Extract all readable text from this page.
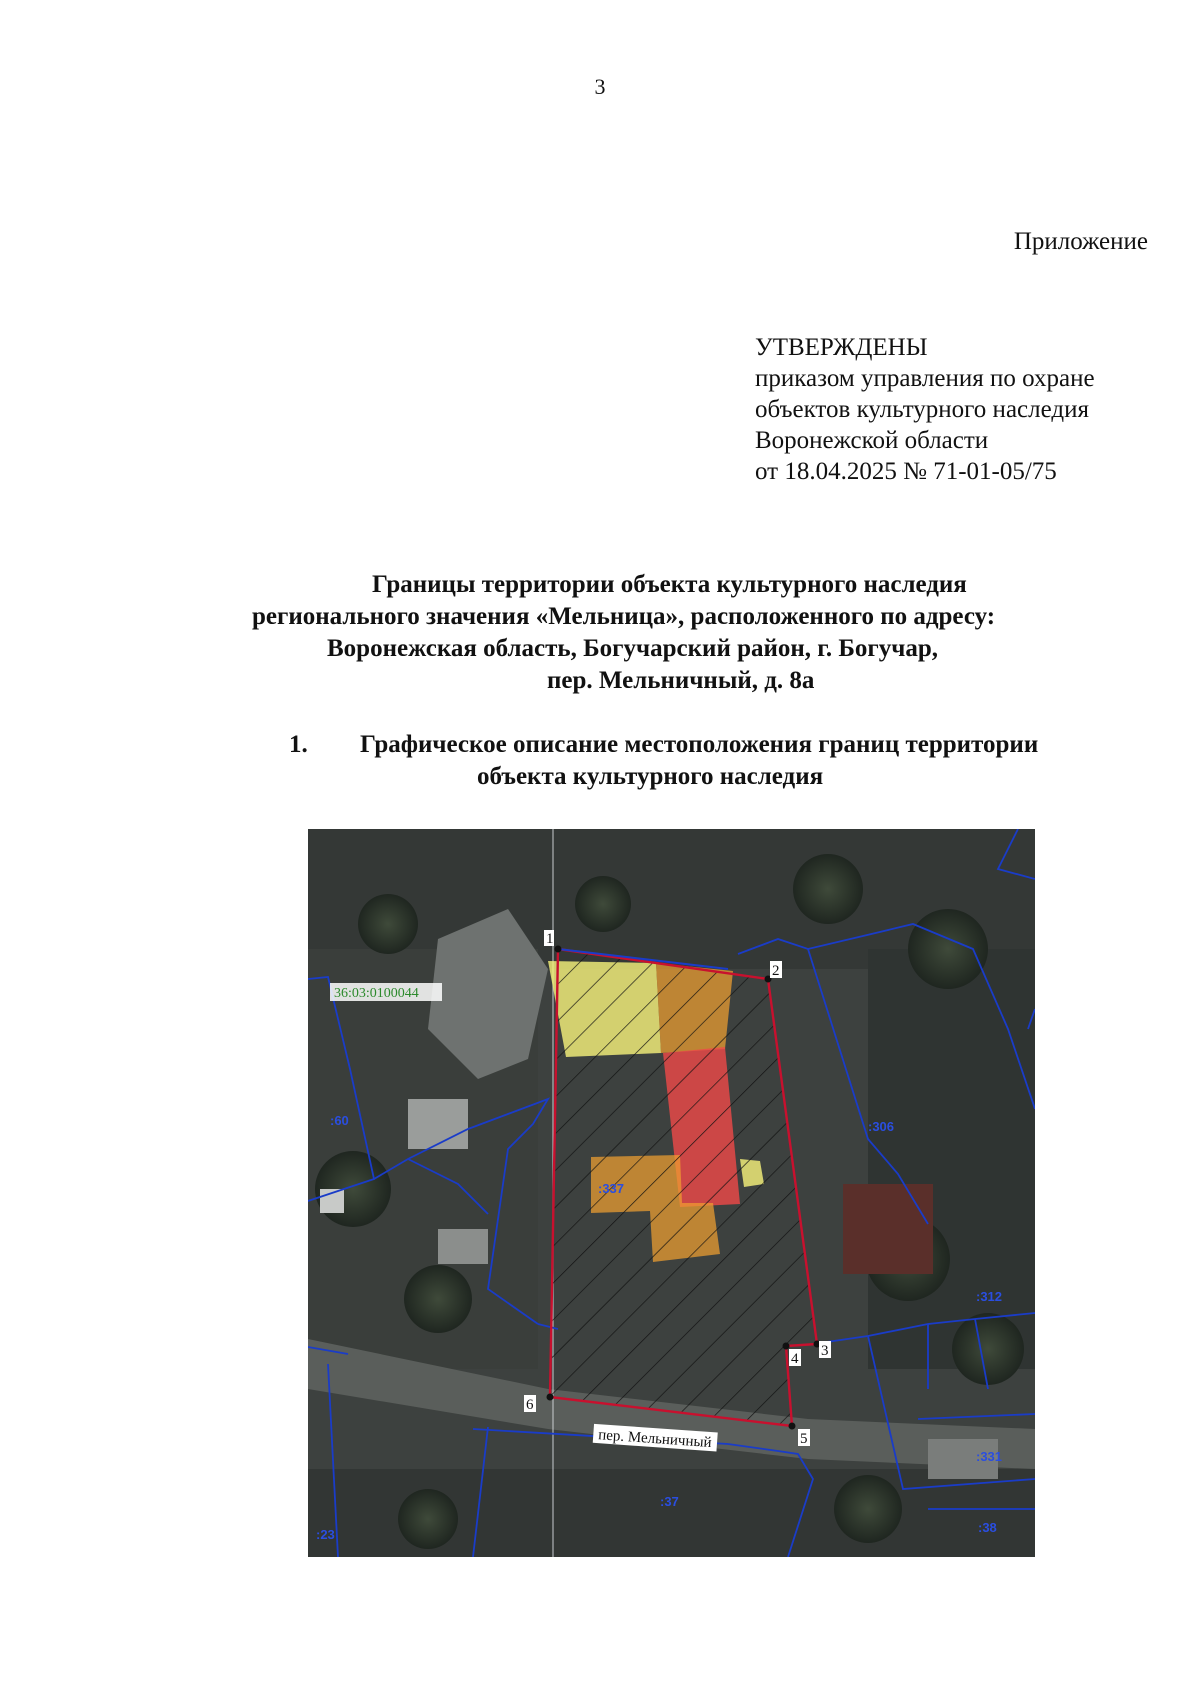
3
Приложение
УТВЕРЖДЕНЫ
приказом управления по охране
объектов культурного наследия
Воронежской области
от 18.04.2025 № 71-01-05/75
Границы территории объекта культурного наследия
регионального значения «Мельница», расположенного по адресу:
Воронежская область, Богучарский район, г. Богучар,
пер. Мельничный, д. 8а
1. Графическое описание местоположения границ территории
объекта культурного наследия
1
2
3
4
5
6
36:03:0100044
:60
:337
:306
:312
:331
:37
:23	:38
пер. Мельничный
